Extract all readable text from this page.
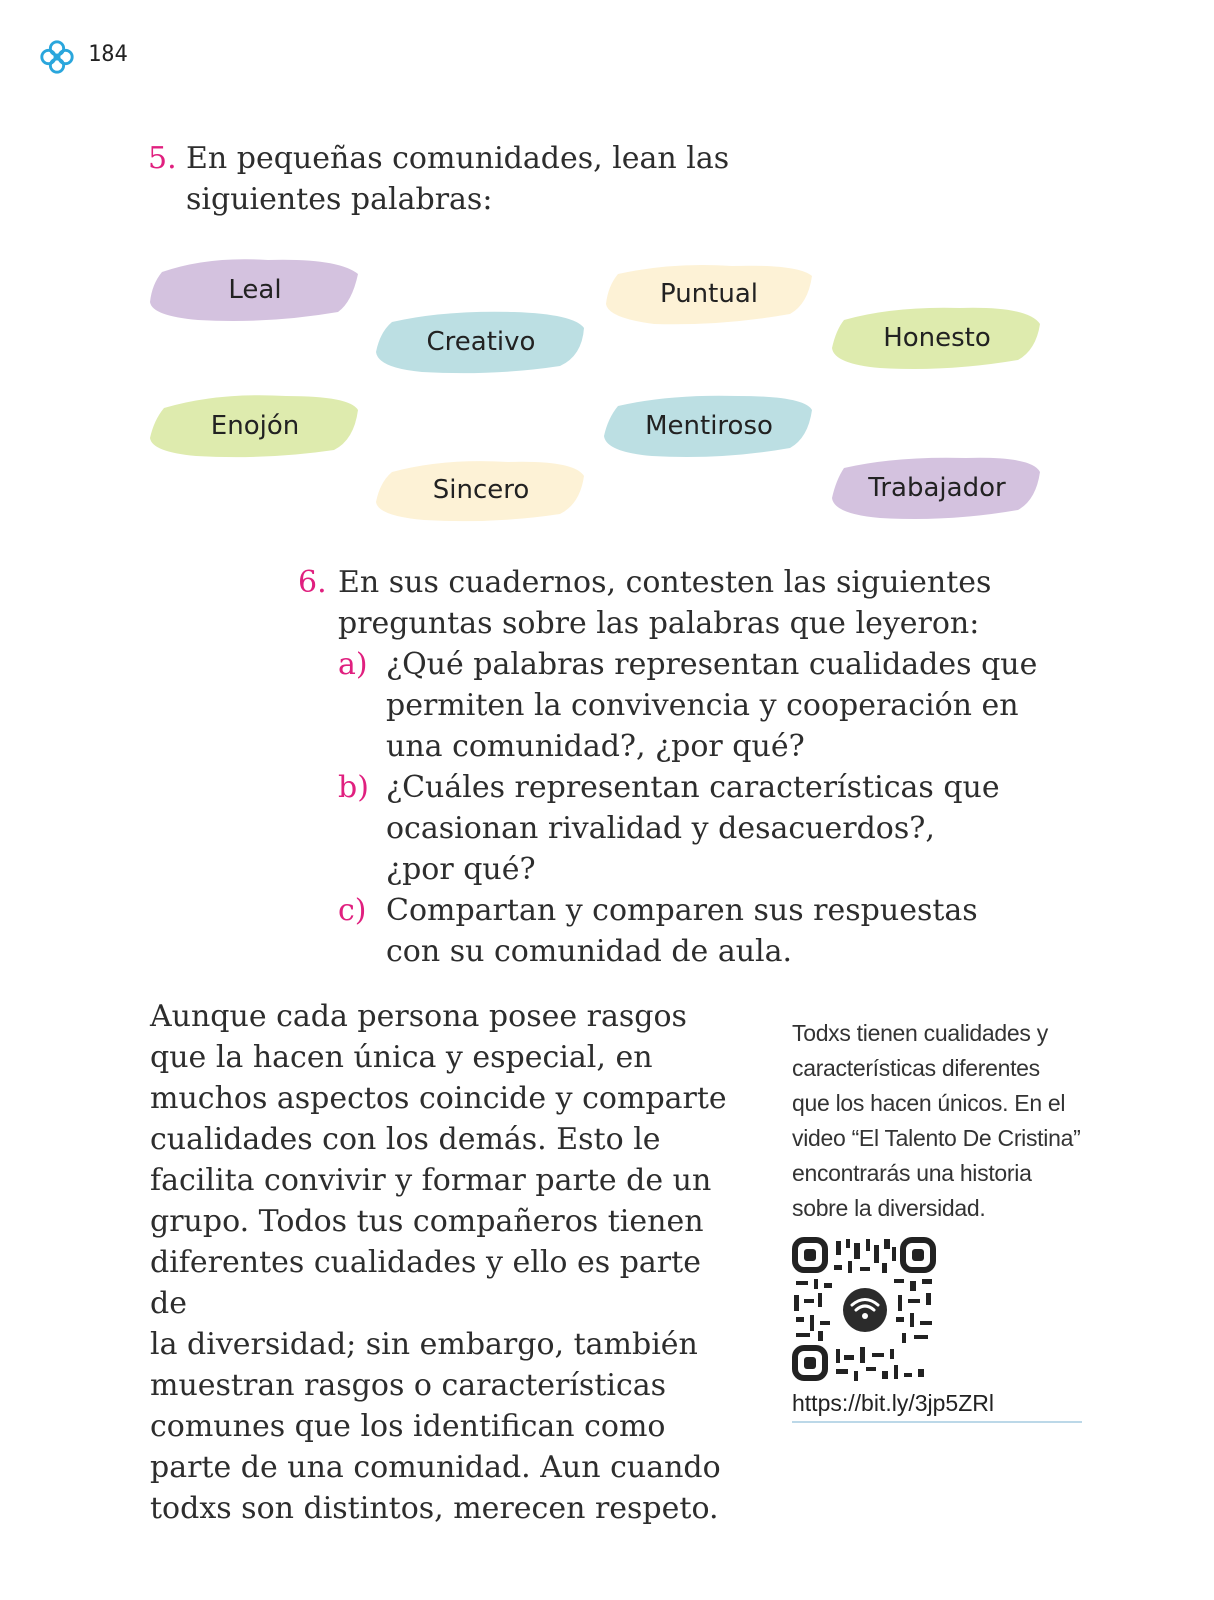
184
5. En pequeñas comunidades, lean las
siguientes palabras:
Leal	Puntual
Creativo	Honesto
Enojón	Mentiroso
Sincero	Trabajador
6. En sus cuadernos, contesten las siguientes
preguntas sobre las palabras que leyeron:
a) ¿Qué palabras representan cualidades que
permiten la convivencia y cooperación en
una comunidad?, ¿por qué?
b) ¿Cuáles representan características que
ocasionan rivalidad y desacuerdos?,
¿por qué?
c) Compartan y comparen sus respuestas
con su comunidad de aula.
Aunque cada persona posee rasgos
que la hacen única y especial, en
muchos aspectos coincide y comparte
cualidades con los demás. Esto le
facilita convivir y formar parte de un
grupo. Todos tus compañeros tienen
diferentes cualidades y ello es parte de
la diversidad; sin embargo, también
muestran rasgos o características
comunes que los identifican como
parte de una comunidad. Aun cuando
todxs son distintos, merecen respeto.
Todxs tienen cualidades y
características diferentes
que los hacen únicos. En el
video “El Talento De Cristina”
encontrarás una historia
sobre la diversidad.
https://bit.ly/3jp5ZRl
